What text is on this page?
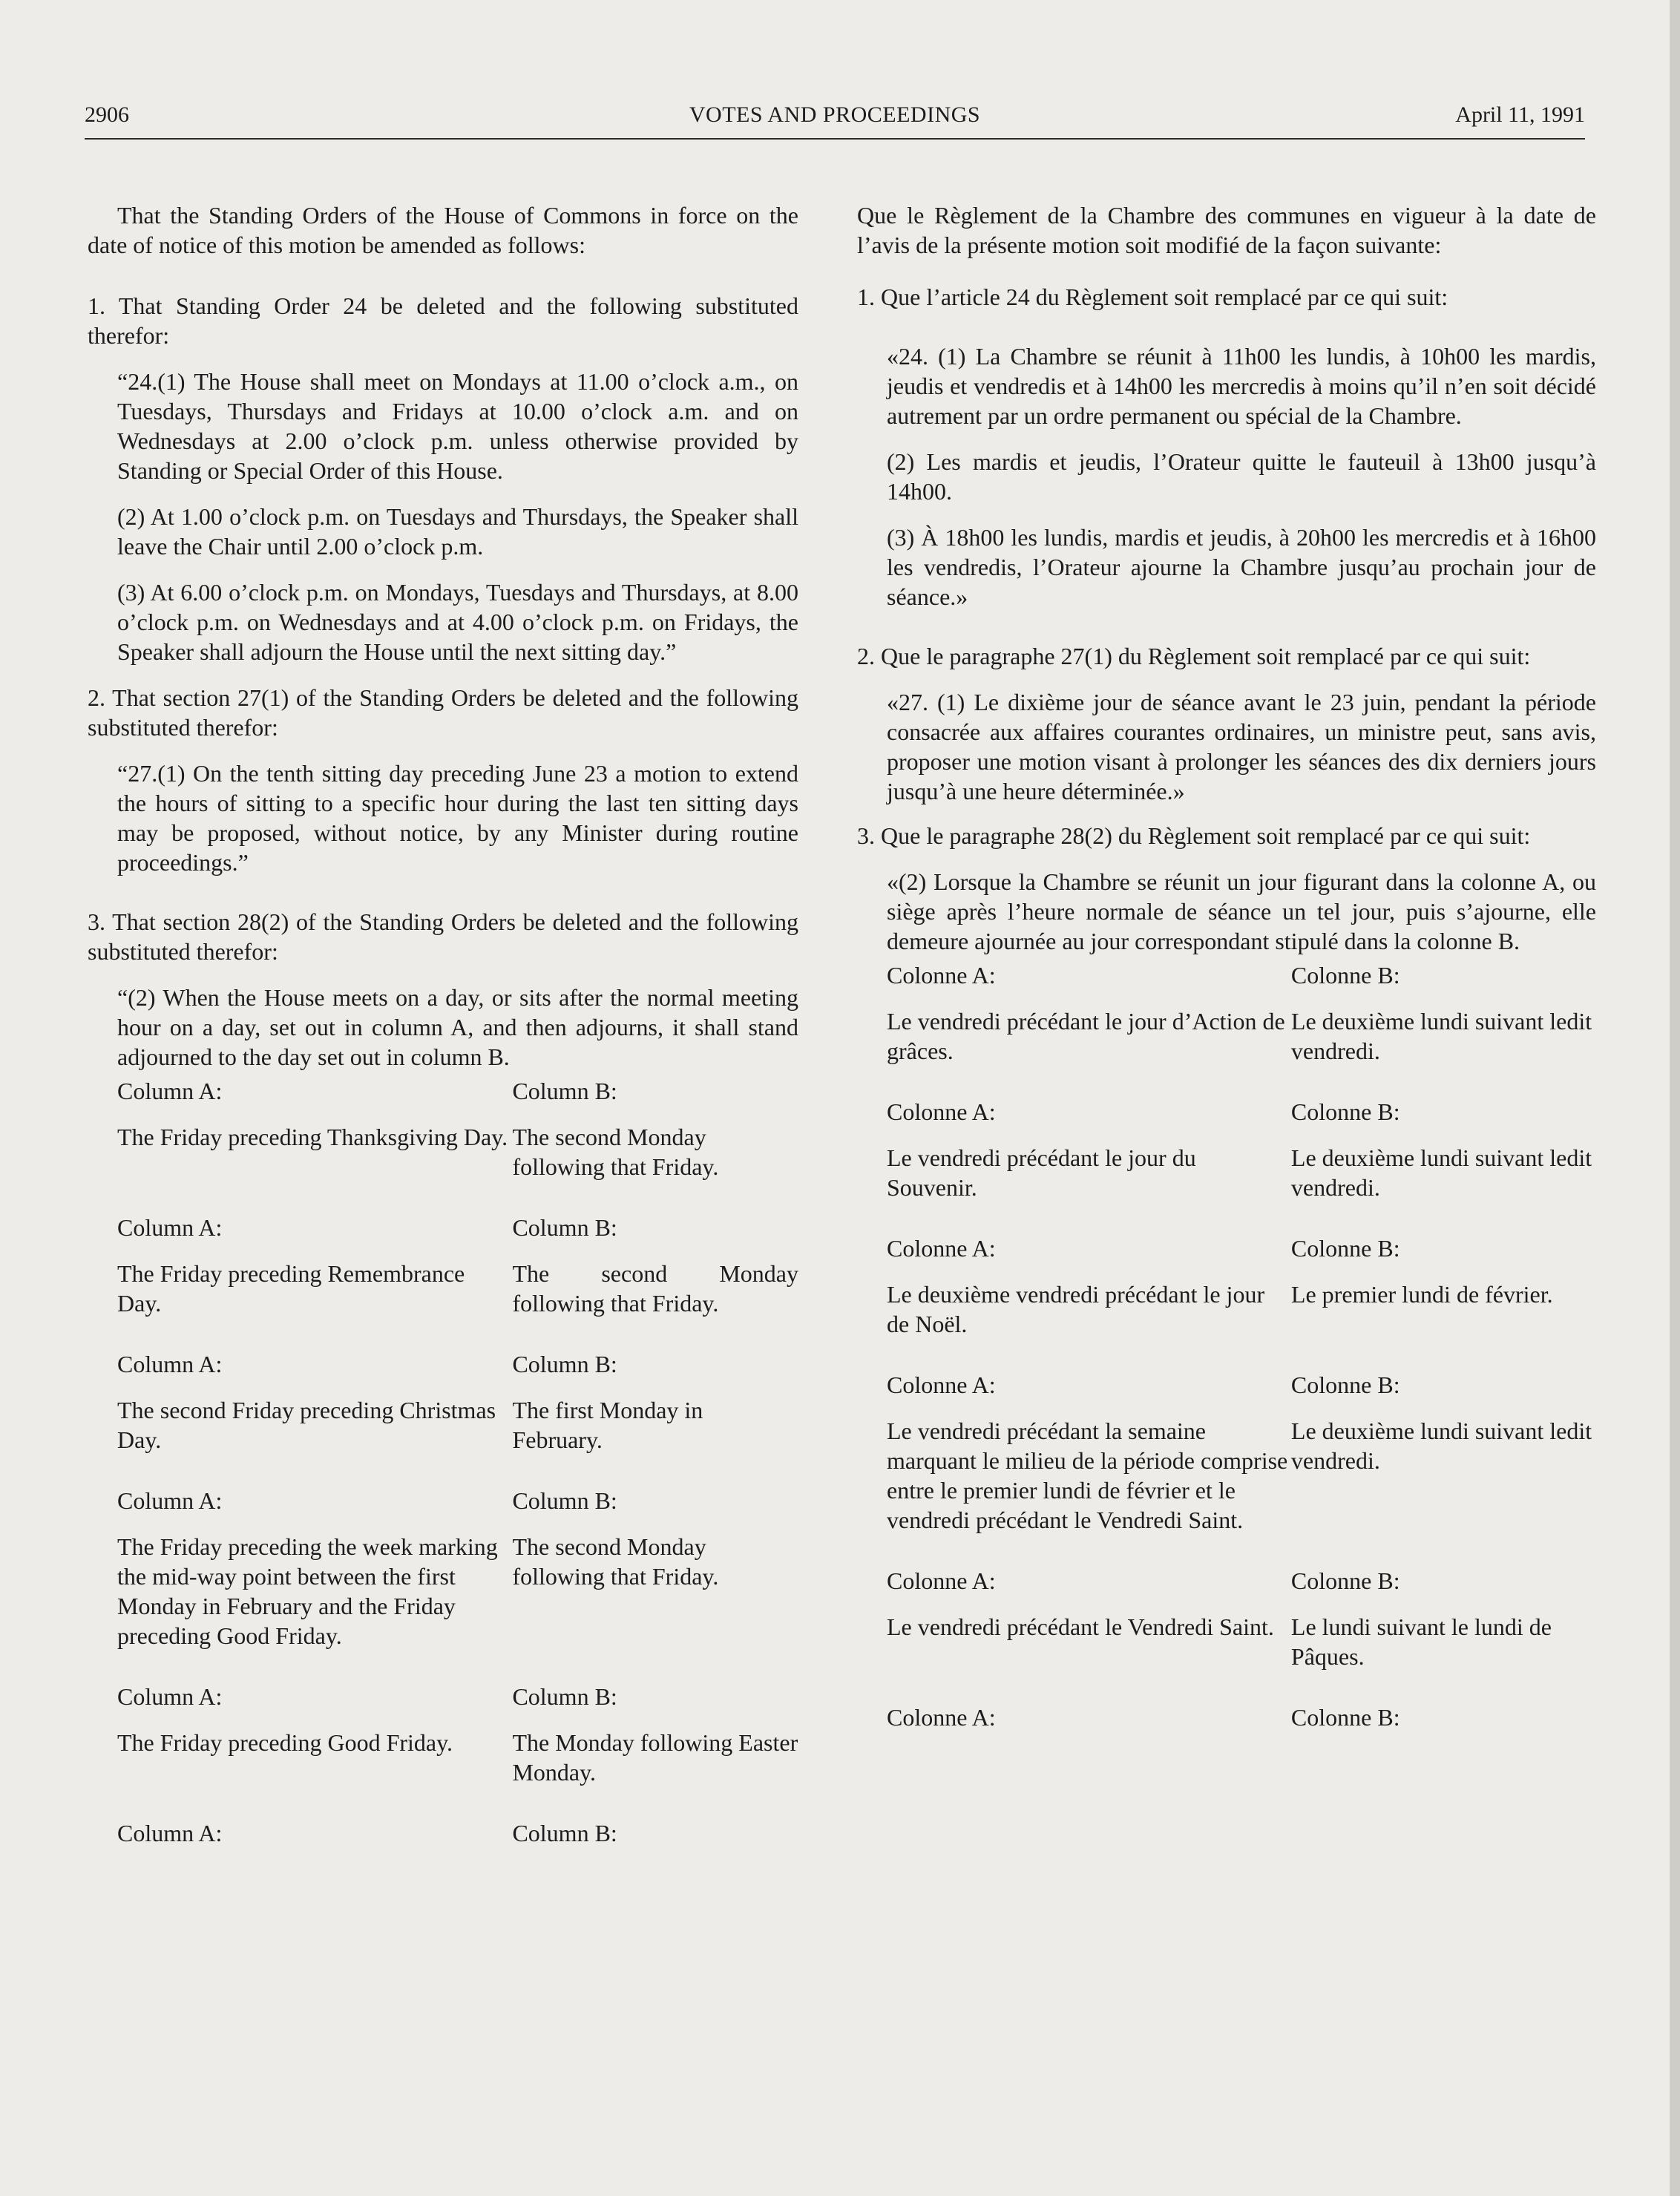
2906	VOTES AND PROCEEDINGS	April 11, 1991

That the Standing Orders of the House of Commons in force on the date of notice of this motion be amended as follows:

1. That Standing Order 24 be deleted and the following substituted therefor:

“24.(1) The House shall meet on Mondays at 11.00 o’clock a.m., on Tuesdays, Thursdays and Fridays at 10.00 o’clock a.m. and on Wednesdays at 2.00 o’clock p.m. unless otherwise provided by Standing or Special Order of this House.

(2) At 1.00 o’clock p.m. on Tuesdays and Thursdays, the Speaker shall leave the Chair until 2.00 o’clock p.m.

(3) At 6.00 o’clock p.m. on Mondays, Tuesdays and Thursdays, at 8.00 o’clock p.m. on Wednesdays and at 4.00 o’clock p.m. on Fridays, the Speaker shall adjourn the House until the next sitting day.”

2. That section 27(1) of the Standing Orders be deleted and the following substituted therefor:

“27.(1) On the tenth sitting day preceding June 23 a motion to extend the hours of sitting to a specific hour during the last ten sitting days may be proposed, without notice, by any Minister during routine proceedings.”

3. That section 28(2) of the Standing Orders be deleted and the following substituted therefor:

“(2) When the House meets on a day, or sits after the normal meeting hour on a day, set out in column A, and then adjourns, it shall stand adjourned to the day set out in column B.

Column A:	Column B:
The Friday preceding Thanksgiving Day.	The second Monday following that Friday.
Column A:	Column B:
The Friday preceding Remembrance Day.	The second Monday following that Friday.
Column A:	Column B:
The second Friday preceding Christmas Day.	The first Monday in February.
Column A:	Column B:
The Friday preceding the week marking the mid-way point between the first Monday in February and the Friday preceding Good Friday.	The second Monday following that Friday.
Column A:	Column B:
The Friday preceding Good Friday.	The Monday following Easter Monday.
Column A:	Column B:

Que le Règlement de la Chambre des communes en vigueur à la date de l’avis de la présente motion soit modifié de la façon suivante:

1. Que l’article 24 du Règlement soit remplacé par ce qui suit:

«24. (1) La Chambre se réunit à 11h00 les lundis, à 10h00 les mardis, jeudis et vendredis et à 14h00 les mercredis à moins qu’il n’en soit décidé autrement par un ordre permanent ou spécial de la Chambre.

(2) Les mardis et jeudis, l’Orateur quitte le fauteuil à 13h00 jusqu’à 14h00.

(3) À 18h00 les lundis, mardis et jeudis, à 20h00 les mercredis et à 16h00 les vendredis, l’Orateur ajourne la Chambre jusqu’au prochain jour de séance.»

2. Que le paragraphe 27(1) du Règlement soit remplacé par ce qui suit:

«27. (1) Le dixième jour de séance avant le 23 juin, pendant la période consacrée aux affaires courantes ordinaires, un ministre peut, sans avis, proposer une motion visant à prolonger les séances des dix derniers jours jusqu’à une heure déterminée.»

3. Que le paragraphe 28(2) du Règlement soit remplacé par ce qui suit:

«(2) Lorsque la Chambre se réunit un jour figurant dans la colonne A, ou siège après l’heure normale de séance un tel jour, puis s’ajourne, elle demeure ajournée au jour correspondant stipulé dans la colonne B.

Colonne A:	Colonne B:
Le vendredi précédant le jour d’Action de grâces.	Le deuxième lundi suivant ledit vendredi.
Colonne A:	Colonne B:
Le vendredi précédant le jour du Souvenir.	Le deuxième lundi suivant ledit vendredi.
Colonne A:	Colonne B:
Le deuxième vendredi précédant le jour de Noël.	Le premier lundi de février.
Colonne A:	Colonne B:
Le vendredi précédant la semaine marquant le milieu de la période comprise entre le premier lundi de février et le vendredi précédant le Vendredi Saint.	Le deuxième lundi suivant ledit vendredi.
Colonne A:	Colonne B:
Le vendredi précédant le Vendredi Saint.	Le lundi suivant le lundi de Pâques.
Colonne A:	Colonne B:
